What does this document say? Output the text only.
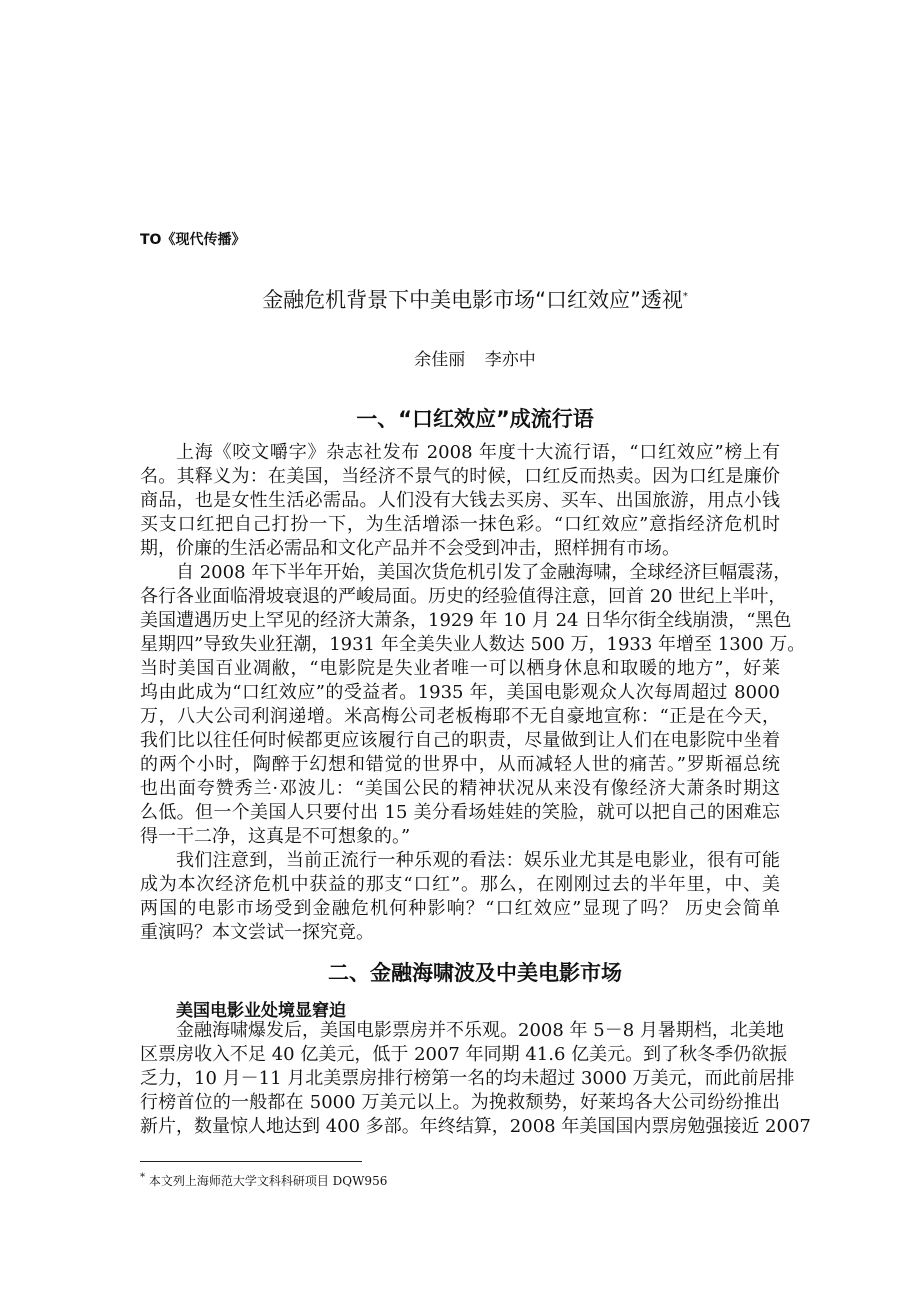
TO《现代传播》
金融危机背景下中美电影市场“口红效应”透视*
余佳丽 李亦中
一、“口红效应”成流行语
上海《咬文嚼字》杂志社发布 2008 年度十大流行语，“口红效应”榜上有
名。其释义为：在美国，当经济不景气的时候，口红反而热卖。因为口红是廉价
商品，也是女性生活必需品。人们没有大钱去买房、买车、出国旅游，用点小钱
买支口红把自己打扮一下，为生活增添一抹色彩。“口红效应”意指经济危机时
期，价廉的生活必需品和文化产品并不会受到冲击，照样拥有市场。
自 2008 年下半年开始，美国次货危机引发了金融海啸，全球经济巨幅震荡，
各行各业面临滑坡衰退的严峻局面。历史的经验值得注意，回首 20 世纪上半叶，
美国遭遇历史上罕见的经济大萧条，1929 年 10 月 24 日华尔街全线崩溃，“黑色
星期四”导致失业狂潮，1931 年全美失业人数达 500 万，1933 年增至 1300 万。
当时美国百业凋敝，“电影院是失业者唯一可以栖身休息和取暖的地方”，好莱
坞由此成为“口红效应”的受益者。1935 年，美国电影观众人次每周超过 8000
万，八大公司利润递增。米高梅公司老板梅耶不无自豪地宣称：“正是在今天，
我们比以往任何时候都更应该履行自己的职责，尽量做到让人们在电影院中坐着
的两个小时，陶醉于幻想和错觉的世界中，从而减轻人世的痛苦。”罗斯福总统
也出面夸赞秀兰·邓波儿：“美国公民的精神状况从来没有像经济大萧条时期这
么低。但一个美国人只要付出 15 美分看场娃娃的笑脸，就可以把自己的困难忘
得一干二净，这真是不可想象的。”
我们注意到，当前正流行一种乐观的看法：娱乐业尤其是电影业，很有可能
成为本次经济危机中获益的那支“口红”。那么，在刚刚过去的半年里，中、美
两国的电影市场受到金融危机何种影响？“口红效应”显现了吗？ 历史会简单
重演吗？本文尝试一探究竟。
二、金融海啸波及中美电影市场
美国电影业处境显窘迫
金融海啸爆发后，美国电影票房并不乐观。2008 年 5－8 月暑期档，北美地
区票房收入不足 40 亿美元，低于 2007 年同期 41.6 亿美元。到了秋冬季仍欲振
乏力，10 月－11 月北美票房排行榜第一名的均未超过 3000 万美元，而此前居排
行榜首位的一般都在 5000 万美元以上。为挽救颓势，好莱坞各大公司纷纷推出
新片，数量惊人地达到 400 多部。年终结算，2008 年美国国内票房勉强接近 2007
* 本文列上海师范大学文科科研项目 DQW956
